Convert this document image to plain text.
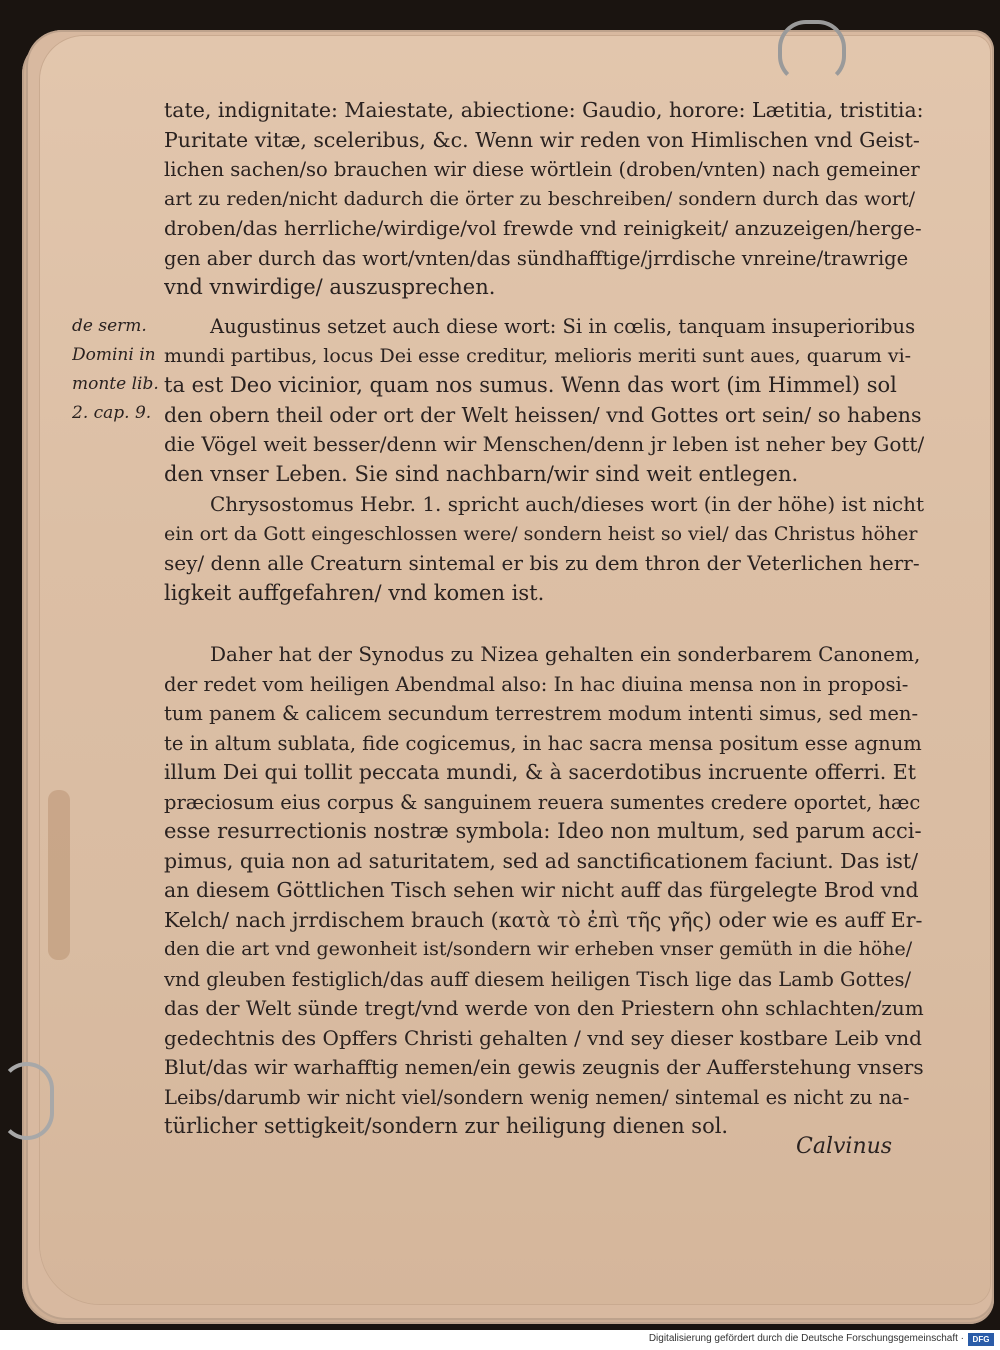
tate, indignitate: Maiestate, abiectione: Gaudio, horore: Lætitia, tristitia:
Puritate vitæ, sceleribus, &c. Wenn wir reden von Himlischen vnd Geist-
lichen sachen/so brauchen wir diese wörtlein (droben/vnten) nach gemeiner
art zu reden/nicht dadurch die örter zu beschreiben/ sondern durch das wort/
droben/das herrliche/wirdige/vol frewde vnd reinigkeit/ anzuzeigen/herge-
gen aber durch das wort/vnten/das sündhafftige/jrrdische vnreine/trawrige
vnd vnwirdige/ auszusprechen.
de serm.
Domini in
monte lib.
2. cap. 9.
Augustinus setzet auch diese wort: Si in cœlis, tanquam insuperioribus
mundi partibus, locus Dei esse creditur, melioris meriti sunt aues, quarum vi-
ta est Deo vicinior, quam nos sumus. Wenn das wort (im Himmel) sol
den obern theil oder ort der Welt heissen/ vnd Gottes ort sein/ so habens
die Vögel weit besser/denn wir Menschen/denn jr leben ist neher bey Gott/
den vnser Leben. Sie sind nachbarn/wir sind weit entlegen.
Chrysostomus Hebr. 1. spricht auch/dieses wort (in der höhe) ist nicht
ein ort da Gott eingeschlossen were/ sondern heist so viel/ das Christus höher
sey/ denn alle Creaturn sintemal er bis zu dem thron der Veterlichen herr-
ligkeit auffgefahren/ vnd komen ist.
Daher hat der Synodus zu Nizea gehalten ein sonderbarem Canonem,
der redet vom heiligen Abendmal also: In hac diuina mensa non in proposi-
tum panem & calicem secundum terrestrem modum intenti simus, sed men-
te in altum sublata, fide cogicemus, in hac sacra mensa positum esse agnum
illum Dei qui tollit peccata mundi, & à sacerdotibus incruente offerri. Et
præciosum eius corpus & sanguinem reuera sumentes credere oportet, hæc
esse resurrectionis nostræ symbola: Ideo non multum, sed parum acci-
pimus, quia non ad saturitatem, sed ad sanctificationem faciunt. Das ist/
an diesem Göttlichen Tisch sehen wir nicht auff das fürgelegte Brod vnd
Kelch/ nach jrrdischem brauch (κατὰ τὸ ἐπὶ τῆς γῆς) oder wie es auff Er-
den die art vnd gewonheit ist/sondern wir erheben vnser gemüth in die höhe/
vnd gleuben festiglich/das auff diesem heiligen Tisch lige das Lamb Gottes/
das der Welt sünde tregt/vnd werde von den Priestern ohn schlachten/zum
gedechtnis des Opffers Christi gehalten / vnd sey dieser kostbare Leib vnd
Blut/das wir warhafftig nemen/ein gewis zeugnis der Aufferstehung vnsers
Leibs/darumb wir nicht viel/sondern wenig nemen/ sintemal es nicht zu na-
türlicher settigkeit/sondern zur heiligung dienen sol.
Calvinus
Digitalisierung gefördert durch die Deutsche Forschungsgemeinschaft ·	DFG
